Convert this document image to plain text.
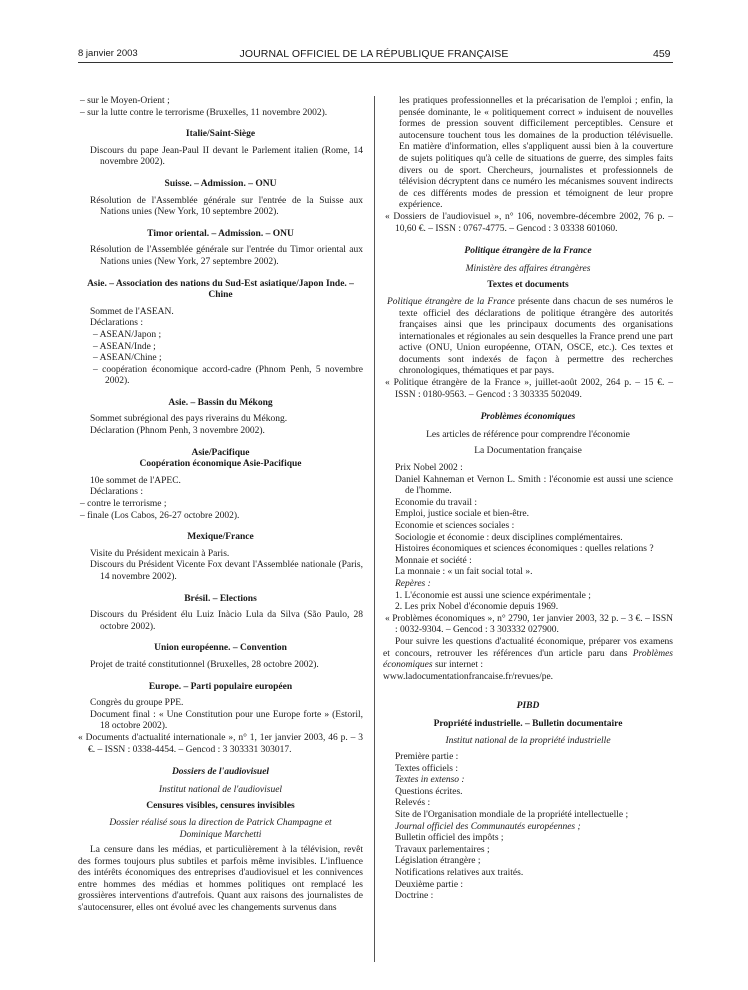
8 janvier 2003	JOURNAL OFFICIEL DE LA RÉPUBLIQUE FRANÇAISE	459

– sur le Moyen-Orient ;

– sur la lutte contre le terrorisme (Bruxelles, 11 novembre 2002).

Italie/Saint-Siège

Discours du pape Jean-Paul II devant le Parlement italien (Rome, 14 novembre 2002).

Suisse. – Admission. – ONU

Résolution de l'Assemblée générale sur l'entrée de la Suisse aux Nations unies (New York, 10 septembre 2002).

Timor oriental. – Admission. – ONU

Résolution de l'Assemblée générale sur l'entrée du Timor oriental aux Nations unies (New York, 27 septembre 2002).

Asie. – Association des nations du Sud-Est asiatique/Japon Inde. – Chine

Sommet de l'ASEAN.

Déclarations :

– ASEAN/Japon ;

– ASEAN/Inde ;

– ASEAN/Chine ;

– coopération économique accord-cadre (Phnom Penh, 5 novembre 2002).

Asie. – Bassin du Mékong

Sommet subrégional des pays riverains du Mékong.

Déclaration (Phnom Penh, 3 novembre 2002).

Asie/Pacifique
Coopération économique Asie-Pacifique

10e sommet de l'APEC.

Déclarations :

– contre le terrorisme ;

– finale (Los Cabos, 26-27 octobre 2002).

Mexique/France

Visite du Président mexicain à Paris.

Discours du Président Vicente Fox devant l'Assemblée nationale (Paris, 14 novembre 2002).

Brésil. – Elections

Discours du Président élu Luiz Inàcio Lula da Silva (São Paulo, 28 octobre 2002).

Union européenne. – Convention

Projet de traité constitutionnel (Bruxelles, 28 octobre 2002).

Europe. – Parti populaire européen

Congrès du groupe PPE.

Document final : « Une Constitution pour une Europe forte » (Estoril, 18 octobre 2002).

« Documents d'actualité internationale », n° 1, 1er janvier 2003, 46 p. – 3 €. – ISSN : 0338-4454. – Gencod : 3 303331 303017.

Dossiers de l'audiovisuel
Institut national de l'audiovisuel
Censures visibles, censures invisibles

Dossier réalisé sous la direction de Patrick Champagne et Dominique Marchetti

La censure dans les médias, et particulièrement à la télévision, revêt des formes toujours plus subtiles et parfois même invisibles. L'influence des intérêts économiques des entreprises d'audiovisuel et les connivences entre hommes des médias et hommes politiques ont remplacé les grossières interventions d'autrefois. Quant aux raisons des journalistes de s'autocensurer, elles ont évolué avec les changements survenus dans

les pratiques professionnelles et la précarisation de l'emploi ; enfin, la pensée dominante, le « politiquement correct » induisent de nouvelles formes de pression souvent difficilement perceptibles. Censure et autocensure touchent tous les domaines de la production télévisuelle. En matière d'information, elles s'appliquent aussi bien à la couverture de sujets politiques qu'à celle de situations de guerre, des simples faits divers ou de sport. Chercheurs, journalistes et professionnels de télévision décryptent dans ce numéro les mécanismes souvent indirects de ces différents modes de pression et témoignent de leur propre expérience.

« Dossiers de l'audiovisuel », n° 106, novembre-décembre 2002, 76 p. – 10,60 €. – ISSN : 0767-4775. – Gencod : 3 03338 601060.

Politique étrangère de la France
Ministère des affaires étrangères
Textes et documents

Politique étrangère de la France présente dans chacun de ses numéros le texte officiel des déclarations de politique étrangère des autorités françaises ainsi que les principaux documents des organisations internationales et régionales au sein desquelles la France prend une part active (ONU, Union européenne, OTAN, OSCE, etc.). Ces textes et documents sont indexés de façon à permettre des recherches chronologiques, thématiques et par pays.

« Politique étrangère de la France », juillet-août 2002, 264 p. – 15 €. – ISSN : 0180-9563. – Gencod : 3 303335 502049.

Problèmes économiques
Les articles de référence pour comprendre l'économie
La Documentation française

Prix Nobel 2002 :

Daniel Kahneman et Vernon L. Smith : l'économie est aussi une science de l'homme.

Economie du travail :

Emploi, justice sociale et bien-être.

Economie et sciences sociales :

Sociologie et économie : deux disciplines complémentaires.

Histoires économiques et sciences économiques : quelles relations ?

Monnaie et société :

La monnaie : « un fait social total ».

Repères :

1. L'économie est aussi une science expérimentale ;

2. Les prix Nobel d'économie depuis 1969.

« Problèmes économiques », n° 2790, 1er janvier 2003, 32 p. – 3 €. – ISSN : 0032-9304. – Gencod : 3 303332 027900.

Pour suivre les questions d'actualité économique, préparer vos examens et concours, retrouver les références d'un article paru dans Problèmes économiques sur internet :

www.ladocumentationfrancaise.fr/revues/pe.

PIBD
Propriété industrielle. – Bulletin documentaire
Institut national de la propriété industrielle

Première partie :

Textes officiels :

Textes in extenso :

Questions écrites.

Relevés :

Site de l'Organisation mondiale de la propriété intellectuelle ;

Journal officiel des Communautés européennes ;

Bulletin officiel des impôts ;

Travaux parlementaires ;

Législation étrangère ;

Notifications relatives aux traités.

Deuxième partie :

Doctrine :
